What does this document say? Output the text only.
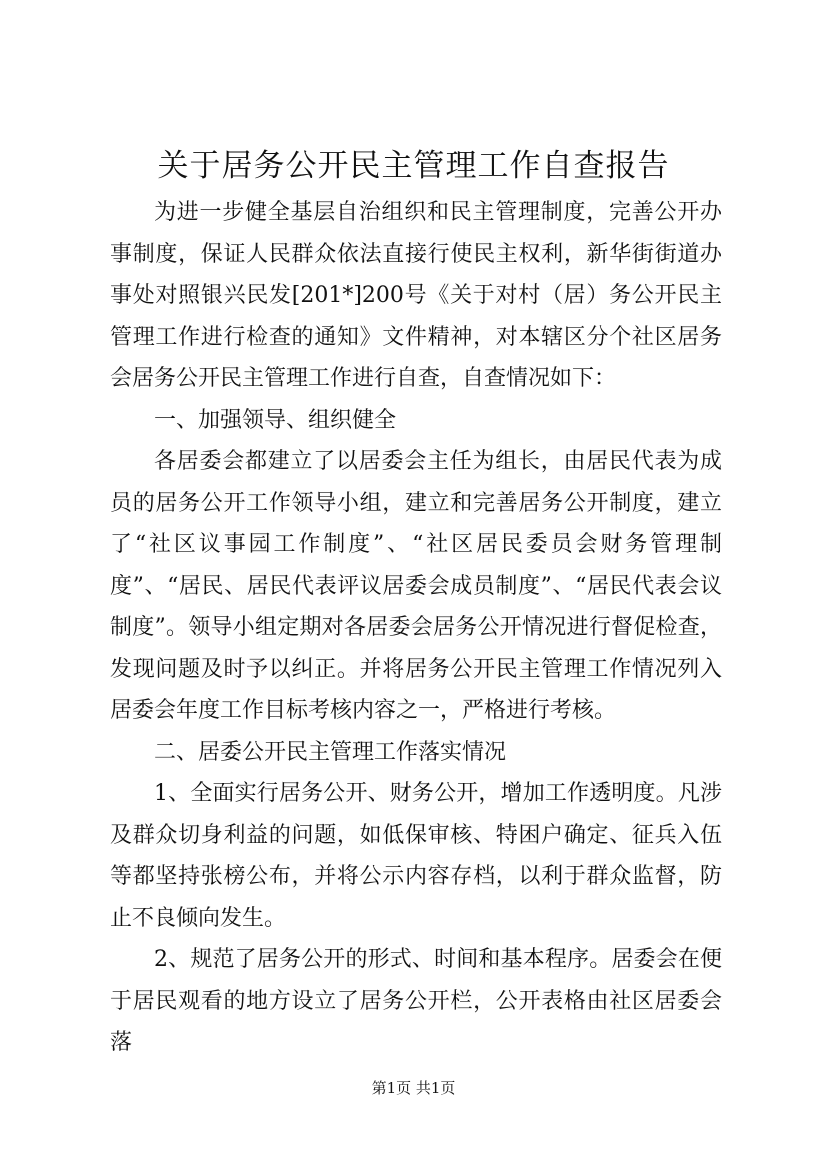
关于居务公开民主管理工作自查报告

为进一步健全基层自治组织和民主管理制度，完善公开办事制度，保证人民群众依法直接行使民主权利，新华街街道办事处对照银兴民发[201*]200号《关于对村（居）务公开民主管理工作进行检查的通知》文件精神，对本辖区分个社区居务会居务公开民主管理工作进行自查，自查情况如下：

一、加强领导、组织健全

各居委会都建立了以居委会主任为组长，由居民代表为成员的居务公开工作领导小组，建立和完善居务公开制度，建立了“社区议事园工作制度”、“社区居民委员会财务管理制度”、“居民、居民代表评议居委会成员制度”、“居民代表会议制度”。领导小组定期对各居委会居务公开情况进行督促检查，发现问题及时予以纠正。并将居务公开民主管理工作情况列入居委会年度工作目标考核内容之一，严格进行考核。

二、居委公开民主管理工作落实情况

1、全面实行居务公开、财务公开，增加工作透明度。凡涉及群众切身利益的问题，如低保审核、特困户确定、征兵入伍等都坚持张榜公布，并将公示内容存档，以利于群众监督，防止不良倾向发生。

2、规范了居务公开的形式、时间和基本程序。居委会在便于居民观看的地方设立了居务公开栏，公开表格由社区居委会落

第1页 共1页
